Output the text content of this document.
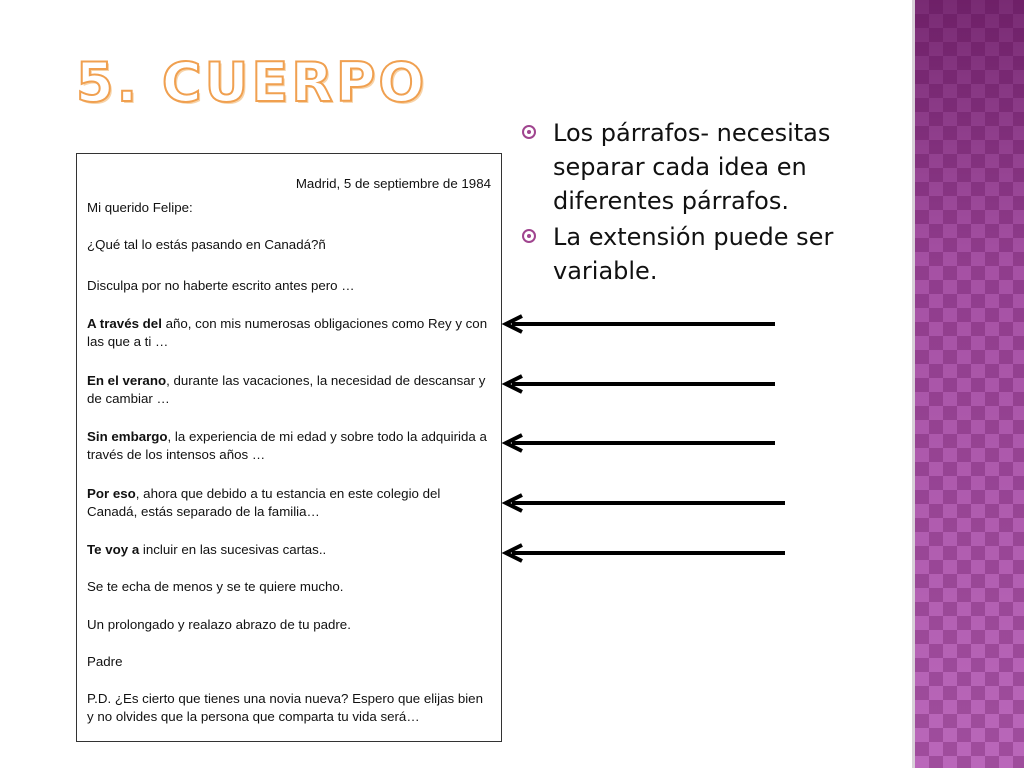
5. CUERPO

Madrid, 5 de septiembre de 1984

Mi querido Felipe:

¿Qué tal lo estás pasando en Canadá?ñ

Disculpa por no haberte escrito antes pero …

A través del año, con mis numerosas obligaciones como Rey y con las que a ti …

En el verano, durante las vacaciones, la necesidad de descansar y de cambiar …

Sin embargo, la experiencia de mi edad y sobre todo la adquirida a través de los intensos años …

Por eso, ahora que debido a tu estancia en este colegio del Canadá, estás separado de la familia…

Te voy a incluir en las sucesivas cartas..

Se te echa de menos y se te quiere mucho.

Un prolongado y realazo abrazo de tu padre.

Padre

P.D. ¿Es cierto que tienes una novia nueva? Espero que elijas bien y no olvides que la persona que comparta tu vida será…

Los párrafos- necesitas separar cada idea en diferentes párrafos.
La extensión puede ser variable.
